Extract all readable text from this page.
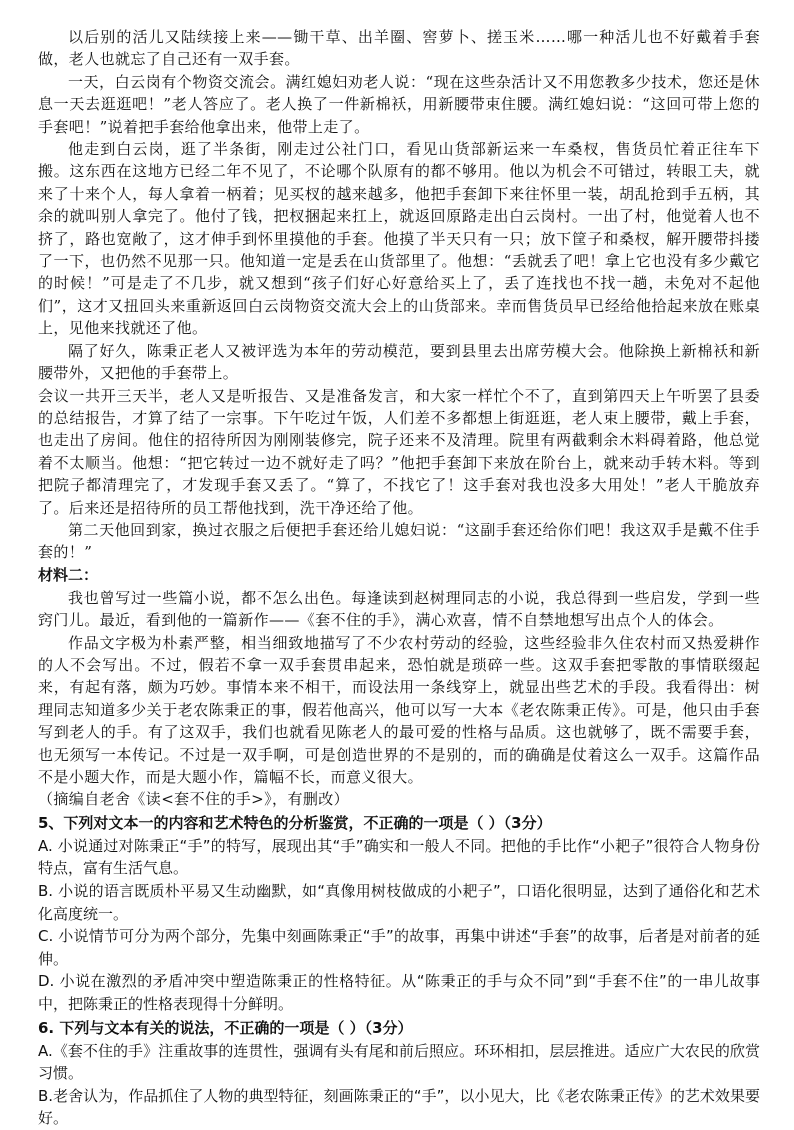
以后别的活儿又陆续接上来——锄干草、出羊圈、窖萝卜、搓玉米……哪一种活儿也不好戴着手套做，老人也就忘了自己还有一双手套。

一天，白云岗有个物资交流会。满红媳妇劝老人说：“现在这些杂活计又不用您教多少技术，您还是休息一天去逛逛吧！”老人答应了。老人换了一件新棉袄，用新腰带束住腰。满红媳妇说：“这回可带上您的手套吧！”说着把手套给他拿出来，他带上走了。

他走到白云岗，逛了半条街，刚走过公社门口，看见山货部新运来一车桑杈，售货员忙着正往车下搬。这东西在这地方已经二年不见了，不论哪个队原有的都不够用。他以为机会不可错过，转眼工夫，就来了十来个人，每人拿着一柄着；见买杈的越来越多，他把手套卸下来往怀里一装，胡乱抢到手五柄，其余的就叫别人拿完了。他付了钱，把杈捆起来扛上，就返回原路走出白云岗村。一出了村，他觉着人也不挤了，路也宽敞了，这才伸手到怀里摸他的手套。他摸了半天只有一只；放下筐子和桑杈，解开腰带抖搂了一下，也仍然不见那一只。他知道一定是丢在山货部里了。他想：“丢就丢了吧！拿上它也没有多少戴它的时候！”可是走了不几步，就又想到“孩子们好心好意给买上了，丢了连找也不找一趟，未免对不起他们”，这才又扭回头来重新返回白云岗物资交流大会上的山货部来。幸而售货员早已经给他拾起来放在账桌上，见他来找就还了他。

隔了好久，陈秉正老人又被评选为本年的劳动模范，要到县里去出席劳模大会。他除换上新棉袄和新腰带外，又把他的手套带上。

会议一共开三天半，老人又是听报告、又是准备发言，和大家一样忙个不了，直到第四天上午听罢了县委的总结报告，才算了结了一宗事。下午吃过午饭，人们差不多都想上街逛逛，老人束上腰带，戴上手套，也走出了房间。他住的招待所因为刚刚装修完，院子还来不及清理。院里有两截剩余木料碍着路，他总觉着不太顺当。他想：“把它转过一边不就好走了吗？”他把手套卸下来放在阶台上，就来动手转木料。等到把院子都清理完了，才发现手套又丢了。“算了，不找它了！这手套对我也没多大用处！”老人干脆放弃了。后来还是招待所的员工帮他找到，洗干净还给了他。

第二天他回到家，换过衣服之后便把手套还给儿媳妇说：“这副手套还给你们吧！我这双手是戴不住手套的！”

材料二：

我也曾写过一些篇小说，都不怎么出色。每逢读到赵树理同志的小说，我总得到一些启发，学到一些窍门儿。最近，看到他的一篇新作——《套不住的手》，满心欢喜，情不自禁地想写出点个人的体会。

作品文字极为朴素严整，相当细致地描写了不少农村劳动的经验，这些经验非久住农村而又热爱耕作的人不会写出。不过，假若不拿一双手套贯串起来，恐怕就是琐碎一些。这双手套把零散的事情联缀起来，有起有落，颇为巧妙。事情本来不相干，而设法用一条线穿上，就显出些艺术的手段。我看得出：树理同志知道多少关于老农陈秉正的事，假若他高兴，他可以写一大本《老农陈秉正传》。可是，他只由手套写到老人的手。有了这双手，我们也就看见陈老人的最可爱的性格与品质。这也就够了，既不需要手套，也无须写一本传记。不过是一双手啊，可是创造世界的不是别的，而的确确是仗着这么一双手。这篇作品不是小题大作，而是大题小作，篇幅不长，而意义很大。

（摘编自老舍《读<套不住的手>》，有删改）

5、下列对文本一的内容和艺术特色的分析鉴赏，不正确的一项是（ ）（3分）

A. 小说通过对陈秉正“手”的特写，展现出其“手”确实和一般人不同。把他的手比作“小耙子”很符合人物身份特点，富有生活气息。

B. 小说的语言既质朴平易又生动幽默，如“真像用树枝做成的小耙子”，口语化很明显，达到了通俗化和艺术化高度统一。

C. 小说情节可分为两个部分，先集中刻画陈秉正“手”的故事，再集中讲述“手套”的故事，后者是对前者的延伸。

D. 小说在激烈的矛盾冲突中塑造陈秉正的性格特征。从“陈秉正的手与众不同”到“手套不住”的一串儿故事中，把陈秉正的性格表现得十分鲜明。

6. 下列与文本有关的说法，不正确的一项是（ ）（3分）

A.《套不住的手》注重故事的连贯性，强调有头有尾和前后照应。环环相扣，层层推进。适应广大农民的欣赏习惯。

B.老舍认为，作品抓住了人物的典型特征，刻画陈秉正的“手”，以小见大，比《老农陈秉正传》的艺术效果要好。
